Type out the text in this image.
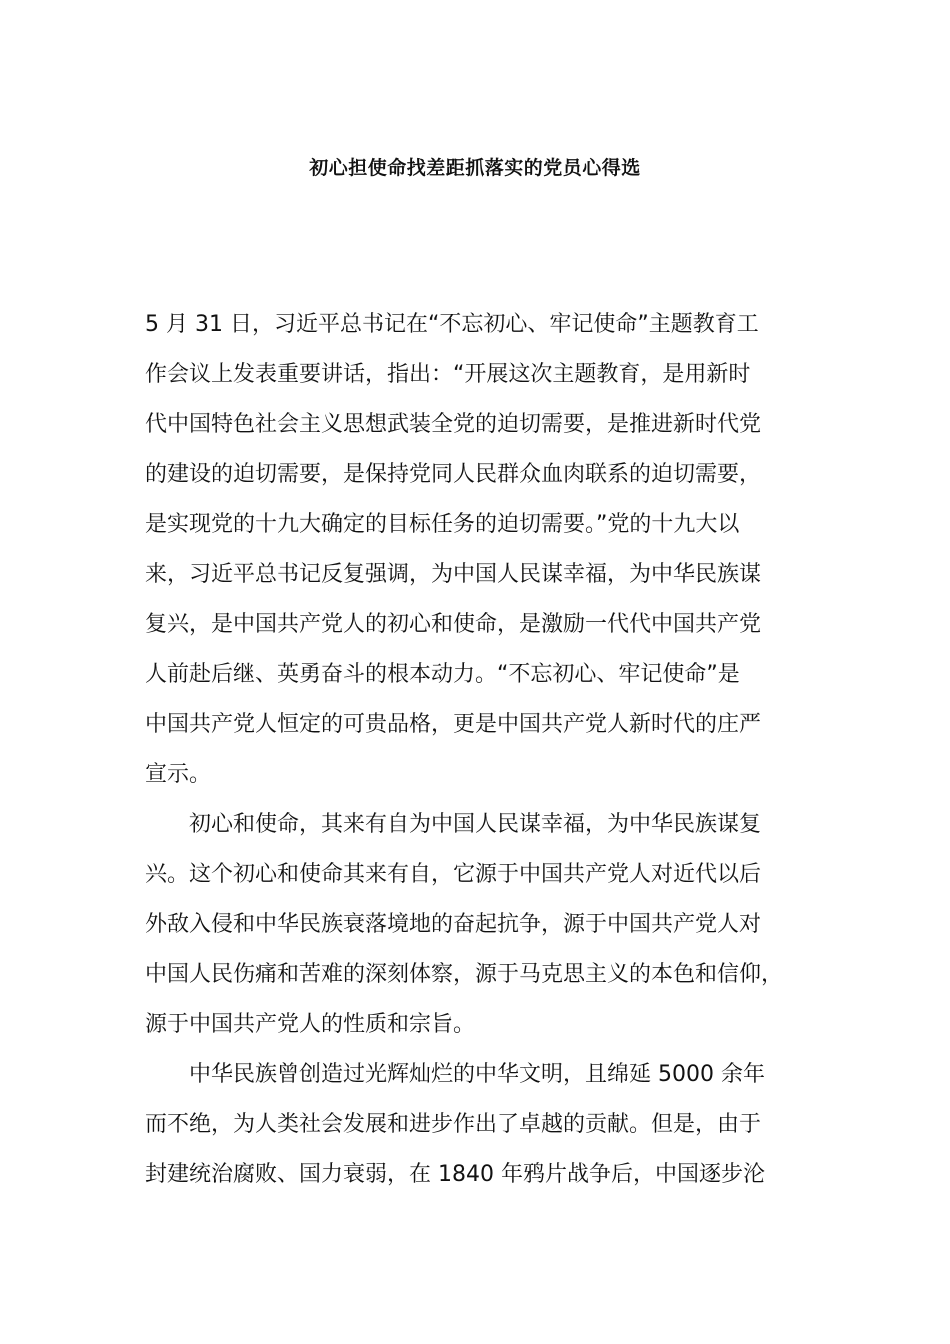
初心担使命找差距抓落实的党员心得选
5 月 31 日，习近平总书记在“不忘初心、牢记使命”主题教育工
作会议上发表重要讲话，指出：“开展这次主题教育，是用新时
代中国特色社会主义思想武装全党的迫切需要，是推进新时代党
的建设的迫切需要，是保持党同人民群众血肉联系的迫切需要，
是实现党的十九大确定的目标任务的迫切需要。”党的十九大以
来，习近平总书记反复强调，为中国人民谋幸福，为中华民族谋
复兴，是中国共产党人的初心和使命，是激励一代代中国共产党
人前赴后继、英勇奋斗的根本动力。“不忘初心、牢记使命”是
中国共产党人恒定的可贵品格，更是中国共产党人新时代的庄严
宣示。
初心和使命，其来有自为中国人民谋幸福，为中华民族谋复
兴。这个初心和使命其来有自，它源于中国共产党人对近代以后
外敌入侵和中华民族衰落境地的奋起抗争，源于中国共产党人对
中国人民伤痛和苦难的深刻体察，源于马克思主义的本色和信仰，
源于中国共产党人的性质和宗旨。
中华民族曾创造过光辉灿烂的中华文明，且绵延 5000 余年
而不绝，为人类社会发展和进步作出了卓越的贡献。但是，由于
封建统治腐败、国力衰弱，在 1840 年鸦片战争后，中国逐步沦
